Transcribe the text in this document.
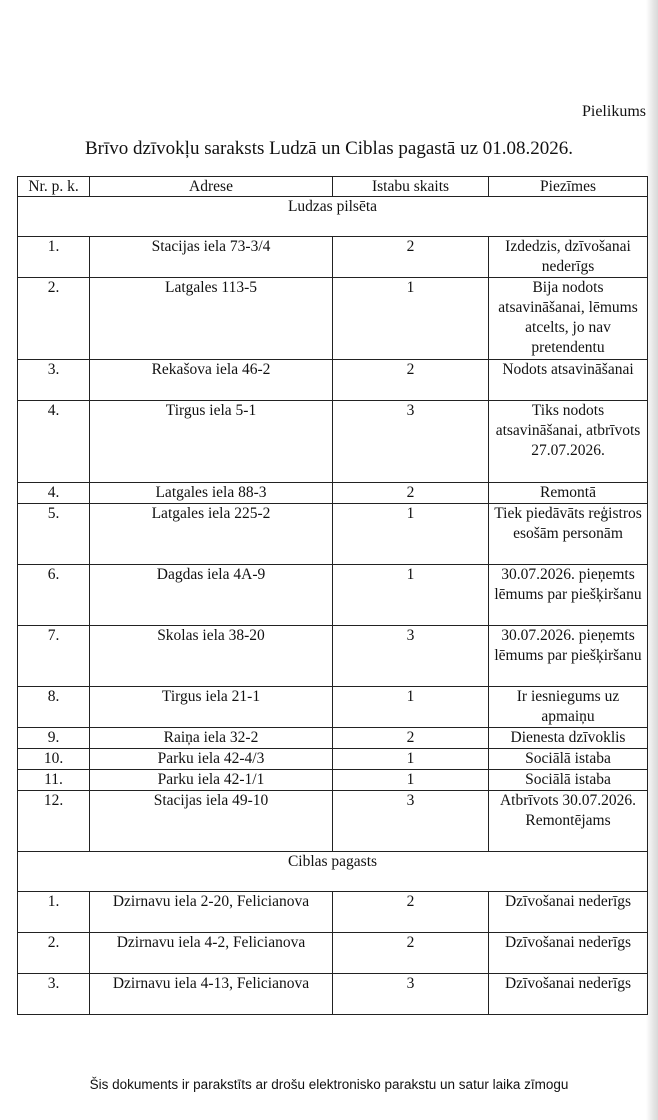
Pielikums
Brīvo dzīvokļu saraksts Ludzā un Ciblas pagastā uz 01.08.2026.
Nr. p. k.	Adrese	Istabu skaits	Piezīmes
Ludzas pilsēta			
1.	Stacijas iela 73-3/4	2	Izdedzis, dzīvošanai nederīgs
2.	Latgales 113-5	1	Bija nodots atsavināšanai, lēmums atcelts, jo nav pretendentu
3.	Rekašova iela 46-2	2	Nodots atsavināšanai
4.	Tirgus iela 5-1	3	Tiks nodots atsavināšanai, atbrīvots 27.07.2026.
4.	Latgales iela 88-3	2	Remontā
5.	Latgales iela 225-2	1	Tiek piedāvāts reģistros esošām personām
6.	Dagdas iela 4A-9	1	30.07.2026. pieņemts lēmums par piešķiršanu
7.	Skolas iela 38-20	3	30.07.2026. pieņemts lēmums par piešķiršanu
8.	Tirgus iela 21-1	1	Ir iesniegums uz apmaiņu
9.	Raiņa iela 32-2	2	Dienesta dzīvoklis
10.	Parku iela 42-4/3	1	Sociālā istaba
11.	Parku iela 42-1/1	1	Sociālā istaba
12.	Stacijas iela 49-10	3	Atbrīvots 30.07.2026. Remontējams
Ciblas pagasts			
1.	Dzirnavu iela 2-20, Felicianova	2	Dzīvošanai nederīgs
2.	Dzirnavu iela 4-2, Felicianova	2	Dzīvošanai nederīgs
3.	Dzirnavu iela 4-13, Felicianova	3	Dzīvošanai nederīgs
Šis dokuments ir parakstīts ar drošu elektronisko parakstu un satur laika zīmogu
